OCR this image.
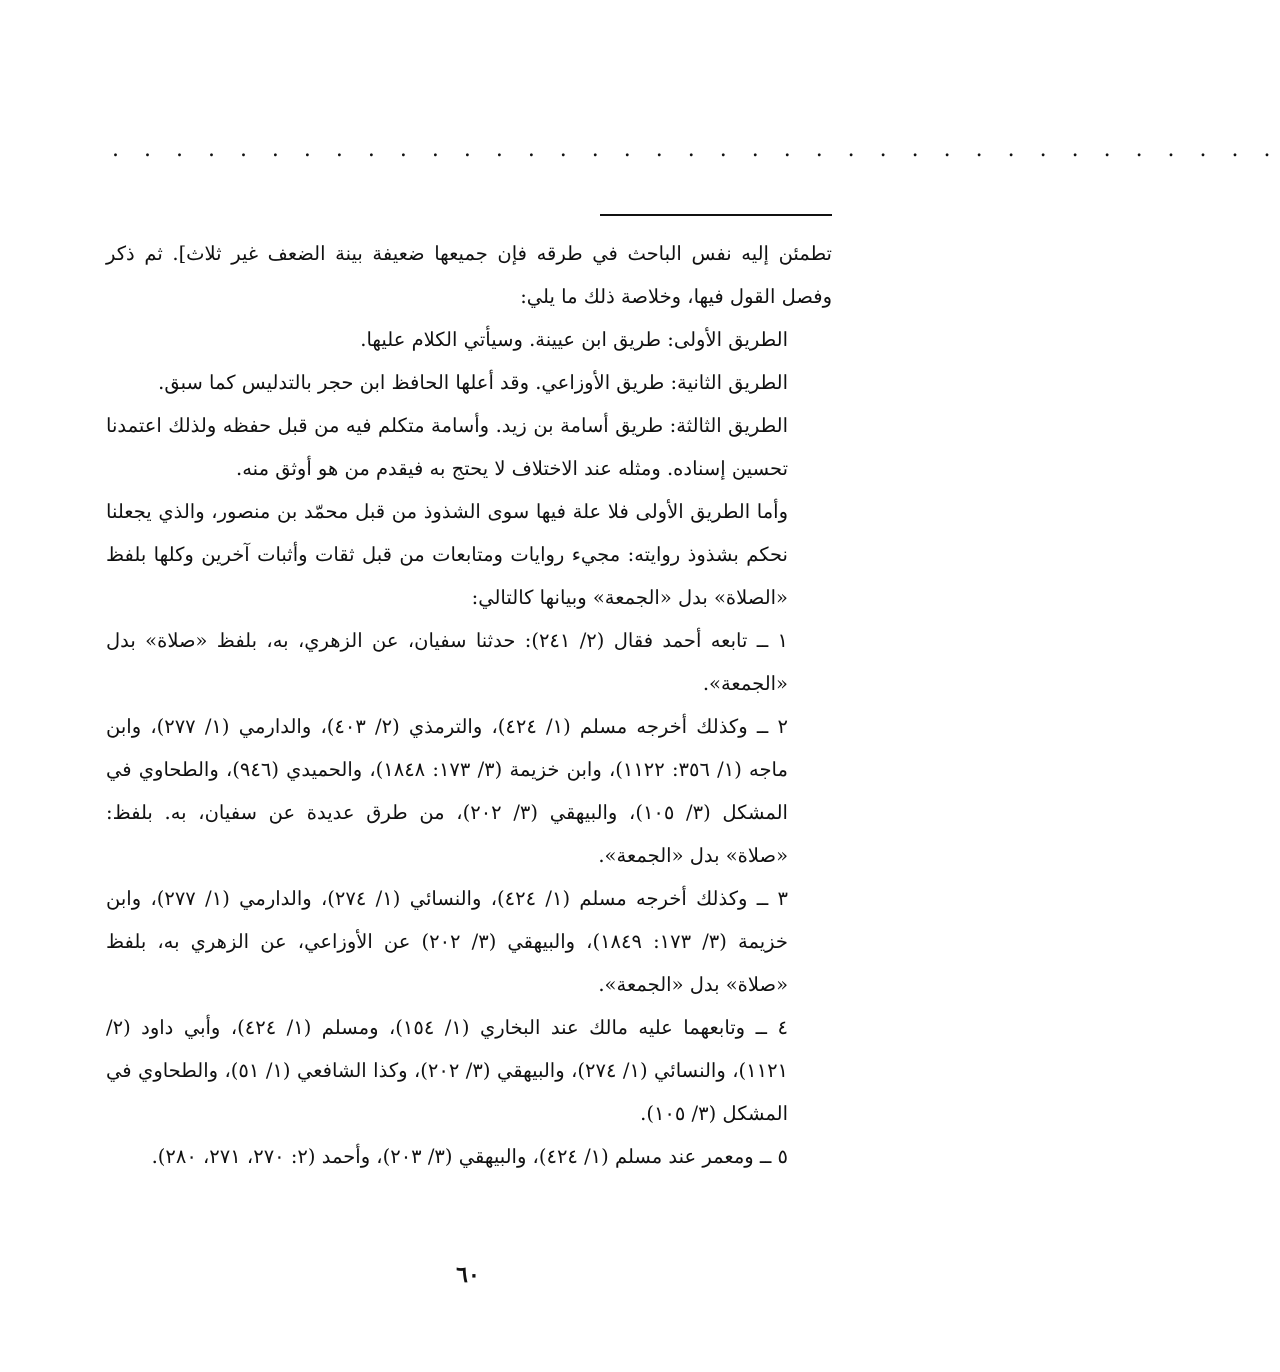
. . . . . . . . . . . . . . . . . . . . . . . . . . . . . . . . . . . . .

تطمئن إليه نفس الباحث في طرقه فإن جميعها ضعيفة بينة الضعف غير ثلاث]. ثم ذكر وفصل القول فيها، وخلاصة ذلك ما يلي:

الطريق الأولى: طريق ابن عيينة. وسيأتي الكلام عليها.

الطريق الثانية: طريق الأوزاعي. وقد أعلها الحافظ ابن حجر بالتدليس كما سبق.

الطريق الثالثة: طريق أسامة بن زيد. وأسامة متكلم فيه من قبل حفظه ولذلك اعتمدنا تحسين إسناده. ومثله عند الاختلاف لا يحتج به فيقدم من هو أوثق منه.

وأما الطريق الأولى فلا علة فيها سوى الشذوذ من قبل محمّد بن منصور، والذي يجعلنا نحكم بشذوذ روايته: مجيء روايات ومتابعات من قبل ثقات وأثبات آخرين وكلها بلفظ «الصلاة» بدل «الجمعة» وبيانها كالتالي:

١ ــ تابعه أحمد فقال (٢/ ٢٤١): حدثنا سفيان، عن الزهري، به، بلفظ «صلاة» بدل «الجمعة».

٢ ــ وكذلك أخرجه مسلم (١/ ٤٢٤)، والترمذي (٢/ ٤٠٣)، والدارمي (١/ ٢٧٧)، وابن ماجه (١/ ٣٥٦: ١١٢٢)، وابن خزيمة (٣/ ١٧٣: ١٨٤٨)، والحميدي (٩٤٦)، والطحاوي في المشكل (٣/ ١٠٥)، والبيهقي (٣/ ٢٠٢)، من طرق عديدة عن سفيان، به. بلفظ: «صلاة» بدل «الجمعة».

٣ ــ وكذلك أخرجه مسلم (١/ ٤٢٤)، والنسائي (١/ ٢٧٤)، والدارمي (١/ ٢٧٧)، وابن خزيمة (٣/ ١٧٣: ١٨٤٩)، والبيهقي (٣/ ٢٠٢) عن الأوزاعي، عن الزهري به، بلفظ «صلاة» بدل «الجمعة».

٤ ــ وتابعهما عليه مالك عند البخاري (١/ ١٥٤)، ومسلم (١/ ٤٢٤)، وأبي داود (٢/ ١١٢١)، والنسائي (١/ ٢٧٤)، والبيهقي (٣/ ٢٠٢)، وكذا الشافعي (١/ ٥١)، والطحاوي في المشكل (٣/ ١٠٥).

٥ ــ ومعمر عند مسلم (١/ ٤٢٤)، والبيهقي (٣/ ٢٠٣)، وأحمد (٢: ٢٧٠، ٢٧١، ٢٨٠).

٦٠
